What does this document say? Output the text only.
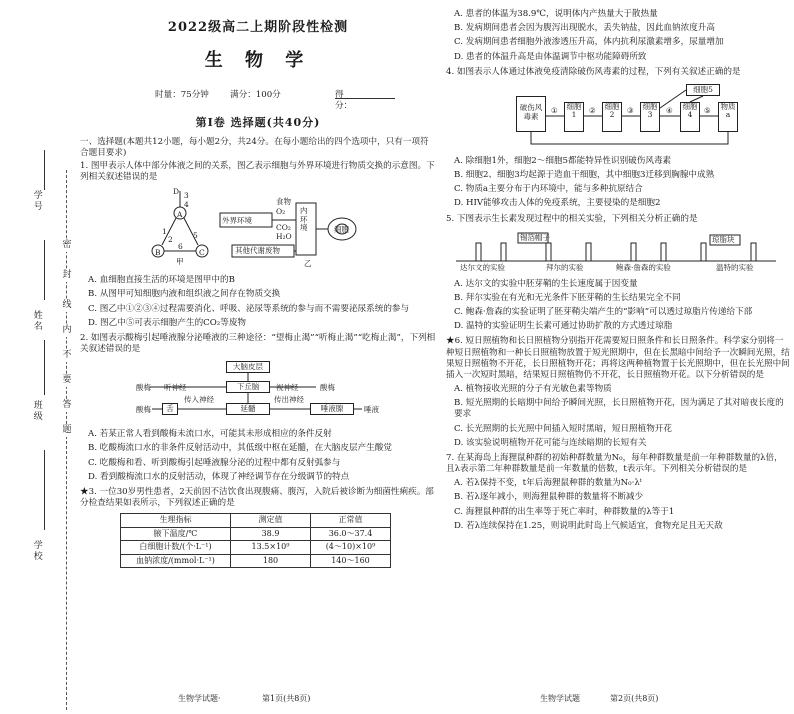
学校
班级
姓名
学号
密
封
线
内
不
要
答
题
2022级高二上期阶段性检测
生 物 学
时量：75分钟 满分：100分	得分：
第Ⅰ卷 选择题(共40分)

一、选择题(本题共12小题，每小题2分，共24分。在每小题给出的四个选项中，只有一项符合题目要求)

1. 图甲表示人体中部分体液之间的关系，图乙表示细胞与外界环境进行物质交换的示意图。下列相关叙述错误的是

A
B	C
D 3
4
1
2	5
6
甲
外界环境
食物
O₂
CO₂
H₂O
其他代谢废物
内环境	细胞
乙

A. 血细胞直接生活的环境是图甲中的B

B. 从图甲可知细胞内液和组织液之间存在物质交换

C. 图乙中①②③④过程需要消化、呼吸、泌尿等系统的参与而不需要泌尿系统的参与

D. 图乙中⑤可表示细胞产生的CO₂等废物

2. 如图表示酸梅引起唾液腺分泌唾液的三种途径：“望梅止渴”“听梅止渴”“吃梅止渴”，下列相关叙述错误的是

大脑皮层
下丘脑
延髓	唾液腺
舌
听神经	视神经
酸梅	酸梅
酸梅
传入神经	传出神经
唾液

A. 若某正常人看到酸梅未流口水，可能其未形成相应的条件反射

B. 吃酸梅流口水的非条件反射活动中，其低级中枢在延髓，在大脑皮层产生酸觉

C. 吃酸梅和看、听到酸梅引起唾液腺分泌的过程中都有反射弧参与

D. 看到酸梅流口水的反射活动，体现了神经调节存在分级调节的特点

★3. 一位30岁男性患者，2天前因不洁饮食出现腹痛、腹泻，入院后被诊断为细菌性痢疾。部分检查结果如表所示，下列叙述正确的是

生理指标	测定值	正常值
腋下温度/℃	38.9	36.0～37.4
白细胞计数/(个·L⁻¹)	13.5×10⁹	(4～10)×10⁹
血钠浓度/(mmol·L⁻¹)	180	140～160

A. 患者的体温为38.9℃，说明体内产热量大于散热量

B. 发病期间患者会因为腹泻出现脱水，丢失钠盐，因此血钠浓度升高

C. 发病期间患者细胞外液渗透压升高，体内抗利尿激素增多，尿量增加

D. 患者的体温升高是由体温调节中枢功能障碍所致

4. 如图表示人体通过体液免疫清除破伤风毒素的过程，下列有关叙述正确的是

破伤风毒素
细胞1
细胞2
细胞3
细胞4
细胞5
物质a
①	②	③	④	⑤

A. 除细胞1外，细胞2～细胞5都能特异性识别破伤风毒素

B. 细胞2、细胞3均起源于造血干细胞，其中细胞3迁移到胸腺中成熟

C. 物质a主要分布于内环境中，能与多种抗原结合

D. HIV能够攻击人体的免疫系统，主要侵染的是细胞2

5. 下图表示生长素发现过程中的相关实验，下列相关分析正确的是

锡箔帽子	琼脂块
达尔文的实验	拜尔的实验	鲍森·詹森的实验	温特的实验

A. 达尔文的实验中胚芽鞘的生长速度属于因变量

B. 拜尔实验在有光和无光条件下胚芽鞘的生长结果完全不同

C. 鲍森·詹森的实验证明了胚芽鞘尖端产生的“影响”可以透过琼脂片传递给下部

D. 温特的实验证明生长素可通过协助扩散的方式透过琼脂

★6. 短日照植物和长日照植物分别指开花需要短日照条件和长日照条件。科学家分别将一种短日照植物和一种长日照植物放置于短光照期中，但在长黑暗中间给予一次瞬间光照，结果短日照植物不开花，长日照植物开花；再将这两种植物置于长光照期中，但在长光照中间插入一次短时黑暗，结果短日照植物仍不开花，长日照植物开花。以下分析错误的是

A. 植物接收光照的分子有光敏色素等物质

B. 短光照期的长暗期中间给予瞬间光照，长日照植物开花，因为满足了其对暗夜长度的要求

C. 长光照期的长光照中间插入短时黑暗，短日照植物开花

D. 该实验说明植物开花可能与连续暗期的长短有关

7. 在某海岛上海狸鼠种群的初始种群数量为N₀，每年种群数量是前一年种群数量的λ倍，且λ表示第二年种群数量是前一年数量的倍数，t表示年。下列相关分析错误的是

A. 若λ保持不变，t年后海狸鼠种群的数量为N₀·λᵗ

B. 若λ逐年减小，则海狸鼠种群的数量将不断减少

C. 海狸鼠种群的出生率等于死亡率时，种群数量的λ等于1

D. 若λ连续保持在1.25，则说明此时岛上气候适宜，食物充足且无天敌

生物学试题·	第1页(共8页)	生物学试题	第2页(共8页)
